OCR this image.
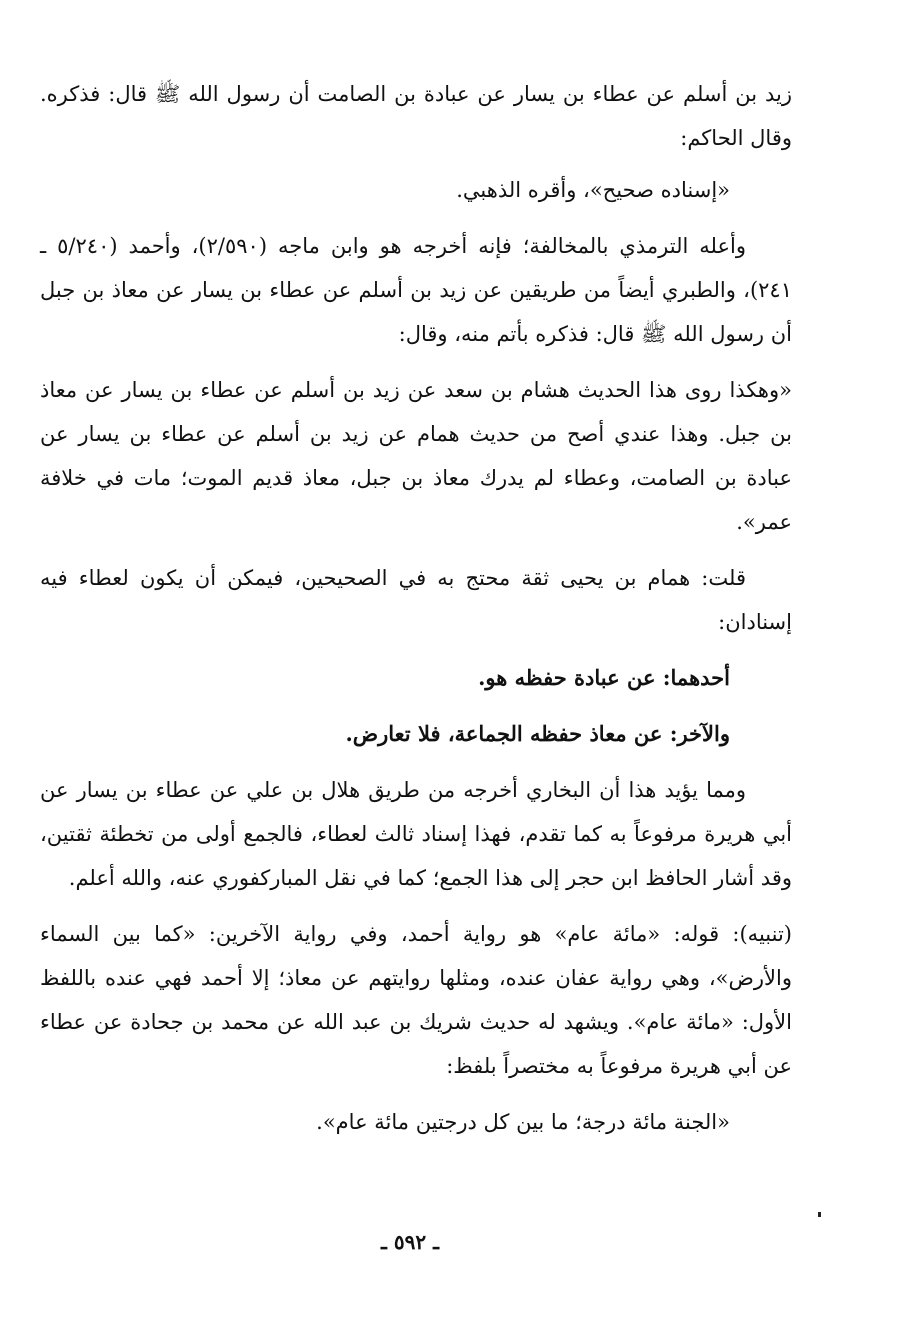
زيد بن أسلم عن عطاء بن يسار عن عبادة بن الصامت أن رسول الله ﷺ قال: فذكره. وقال الحاكم:

«إسناده صحيح»، وأقره الذهبي.

وأعله الترمذي بالمخالفة؛ فإنه أخرجه هو وابن ماجه (٢/٥٩٠)، وأحمد (٥/٢٤٠ ـ ٢٤١)، والطبري أيضاً من طريقين عن زيد بن أسلم عن عطاء بن يسار عن معاذ بن جبل أن رسول الله ﷺ قال: فذكره بأتم منه، وقال:

«وهكذا روى هذا الحديث هشام بن سعد عن زيد بن أسلم عن عطاء بن يسار عن معاذ بن جبل. وهذا عندي أصح من حديث همام عن زيد بن أسلم عن عطاء بن يسار عن عبادة بن الصامت، وعطاء لم يدرك معاذ بن جبل، معاذ قديم الموت؛ مات في خلافة عمر».

قلت: همام بن يحيى ثقة محتج به في الصحيحين، فيمكن أن يكون لعطاء فيه إسنادان:

أحدهما: عن عبادة حفظه هو.

والآخر: عن معاذ حفظه الجماعة، فلا تعارض.

ومما يؤيد هذا أن البخاري أخرجه من طريق هلال بن علي عن عطاء بن يسار عن أبي هريرة مرفوعاً به كما تقدم، فهذا إسناد ثالث لعطاء، فالجمع أولى من تخطئة ثقتين، وقد أشار الحافظ ابن حجر إلى هذا الجمع؛ كما في نقل المباركفوري عنه، والله أعلم.

(تنبيه): قوله: «مائة عام» هو رواية أحمد، وفي رواية الآخرين: «كما بين السماء والأرض»، وهي رواية عفان عنده، ومثلها روايتهم عن معاذ؛ إلا أحمد فهي عنده باللفظ الأول: «مائة عام». ويشهد له حديث شريك بن عبد الله عن محمد بن جحادة عن عطاء عن أبي هريرة مرفوعاً به مختصراً بلفظ:

«الجنة مائة درجة؛ ما بين كل درجتين مائة عام».

ـ ٥٩٢ ـ
